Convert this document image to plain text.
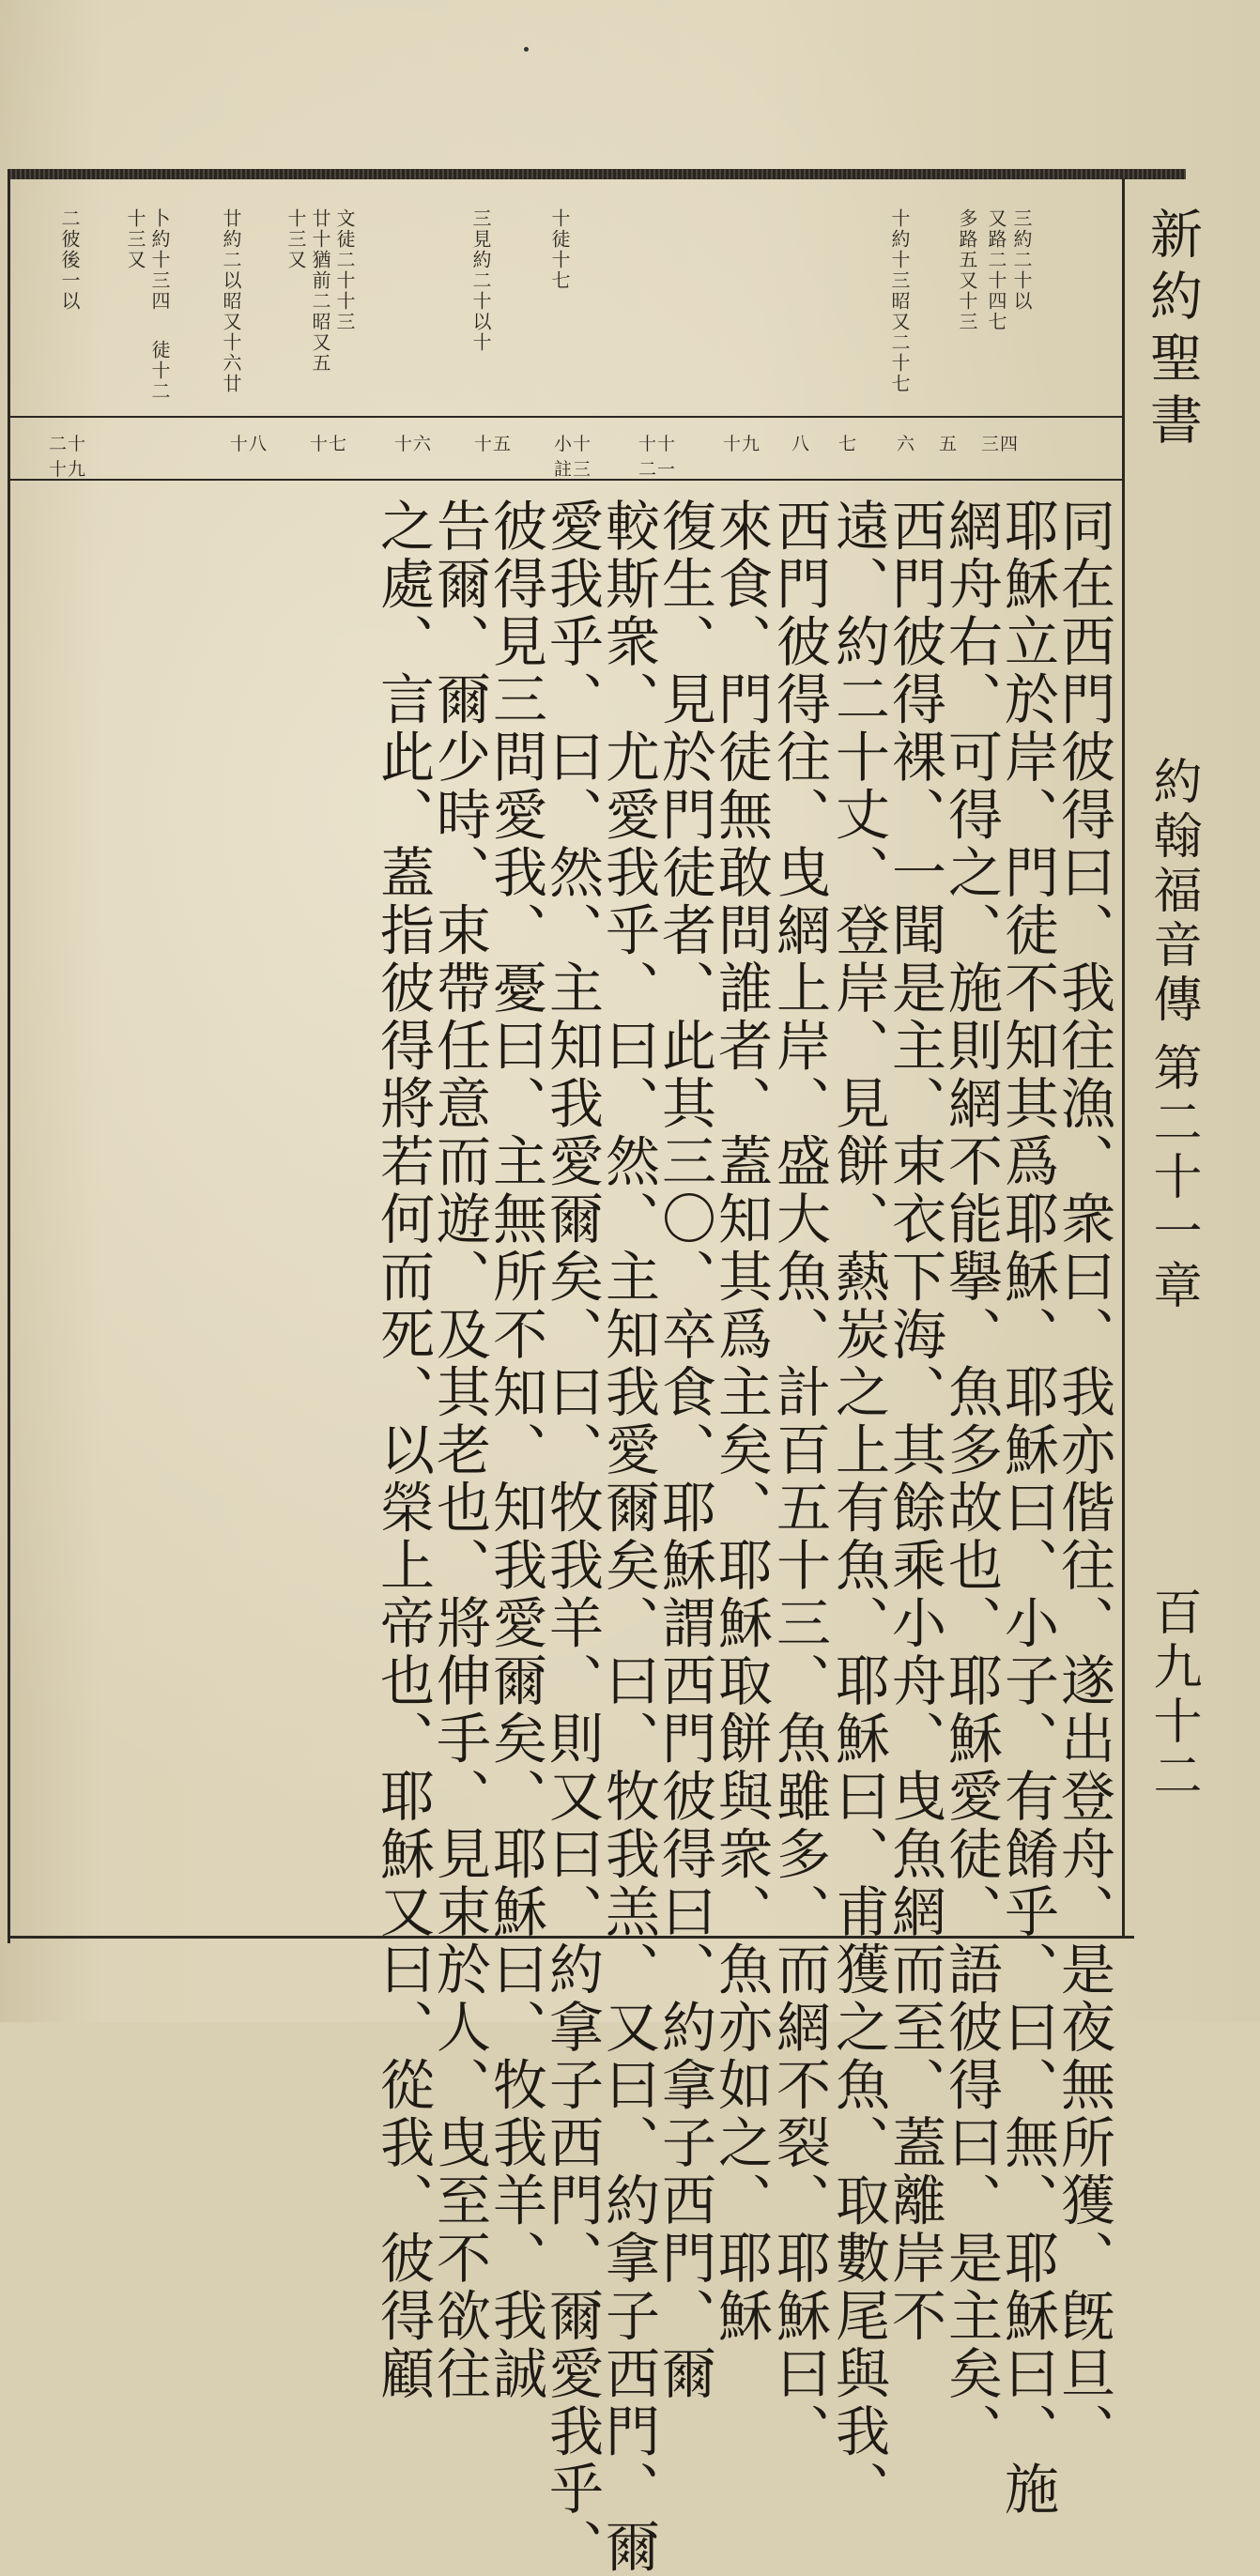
新約聖書
約翰福音傳
第二十一章
百九十二
三約二十以
又路二十四七
多路五又十三
十約十三昭又二十七
十徒十七
三見約二十以十
文徒二十十三
廿十猶前二昭又五
十三又
廿約二以昭又十六廿
卜約十三四
十三又
徒十二
二彼後一以
三四
五
六
七
八
十九
十十
二一
小十
註三
十五
十六
十七
十八
二十
十九
同在西門彼得曰、我往漁、衆曰、我亦偕往、遂出登舟、是夜無所獲、旣旦、
耶穌立於岸、門徒不知其爲耶穌、耶穌曰、小子、有餚乎、曰、無、耶穌曰、施
網舟右、可得之、施則網不能擧、魚多故也、耶穌愛徒、語彼得曰、是主矣、
西門彼得裸、一聞是主、束衣下海、其餘乘小舟、曳魚網而至、蓋離岸不
遠、約二十丈、登岸、見餅、爇炭之上有魚、耶穌曰、甫獲之魚、取數尾與我、
西門彼得往、曳網上岸、盛大魚、計百五十三、魚雖多、而網不裂、耶穌曰、
來食、門徒無敢問誰者、蓋知其爲主矣、耶穌取餅與衆、魚亦如之、耶穌
復生、見於門徒者、此其三〇、卒食、耶穌謂西門彼得曰、約拿子西門、爾
較斯衆、尤愛我乎、曰、然、主知我愛爾矣、曰、牧我羔、又曰、約拿子西門、爾
愛我乎、曰、然、主知我愛爾矣、曰、牧我羊、則又曰、約拿子西門、爾愛我乎、
彼得見三問愛我、憂曰、主無所不知、知我愛爾矣、耶穌曰、牧我羊、我誠
告爾、爾少時、束帶任意而遊、及其老也、將伸手、見束於人、曳至不欲往
之處、言此、蓋指彼得將若何而死、以榮上帝也、耶穌又曰、從我、彼得顧
